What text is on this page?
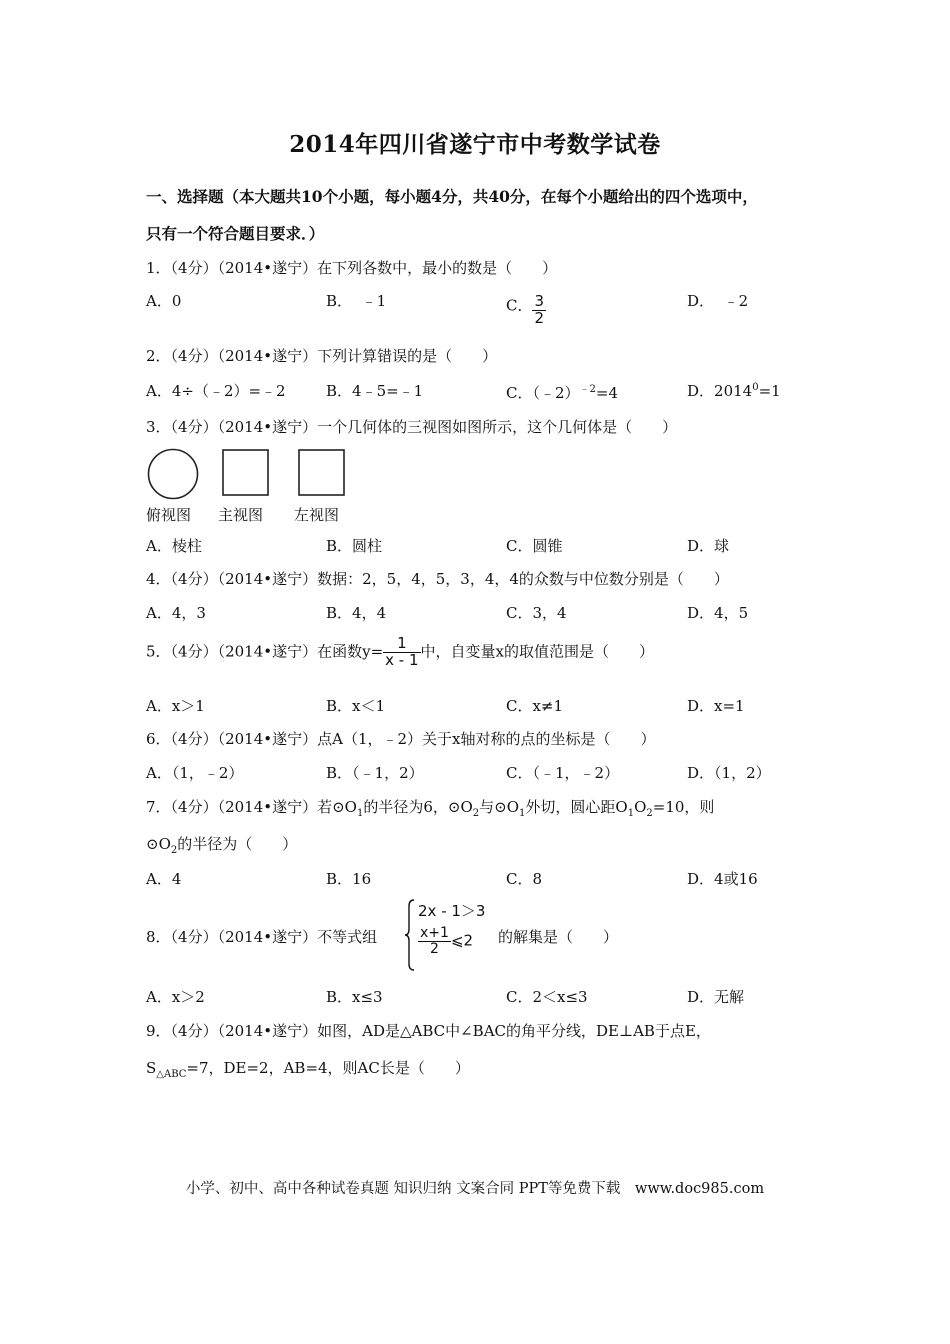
2014年四川省遂宁市中考数学试卷
一、选择题（本大题共10个小题，每小题4分，共40分，在每个小题给出的四个选项中，
只有一个符合题目要求．）
1．（4分）（2014•遂宁）在下列各数中，最小的数是（　　）
A．0	B． ﹣1	C． $\frac{3}{2}$	D． ﹣2
2．（4分）（2014•遂宁）下列计算错误的是（　　）
A．4÷（﹣2）=﹣2	B．4﹣5=﹣1	C．（﹣2）$^{﹣2}$=4	D．$2014^0=1$
3．（4分）（2014•遂宁）一个几何体的三视图如图所示，这个几何体是（　　）
俯视图 主视图 左视图
A．棱柱	B．圆柱	C．圆锥	D．球
4．（4分）（2014•遂宁）数据：2，5，4，5，3，4，4的众数与中位数分别是（　　）
A．4，3	B．4，4	C．3，4	D．4，5
5．（4分）（2014•遂宁）在函数$y= \frac{1}{x - 1}$ 中，自变量x的取值范围是（　　）
A．x＞1	B．x＜1	C．x≠1	D．x=1
6．（4分）（2014•遂宁）点A（1，﹣2）关于x轴对称的点的坐标是（　　）
A．（1，﹣2）	B．（﹣1，2）	C．（﹣1，﹣2）	D．（1，2）
7．（4分）（2014•遂宁）若$⊙O_1$的半径为6，$⊙O_2$与$⊙O_1$外切，圆心距$O_1O_2=10$，则
$⊙O_2$的半径为（　　）
A．4	B．16	C．8	D．4或16
8．（4分）（2014•遂宁）不等式组
2x - 1＞3
$\frac{x+1}{2}$ ⩽2 的解集是（　　）
A．x＞2	B．x≤3	C．2＜x≤3	D．无解
9．（4分）（2014•遂宁）如图，AD是△ABC中∠BAC的角平分线，DE⊥AB于点E，
$S_{\triangle ABC}=7$，DE=2，AB=4，则AC长是（　　）
小学、初中、高中各种试卷真题 知识归纳 文案合同 PPT等免费下载　www.doc985.com
